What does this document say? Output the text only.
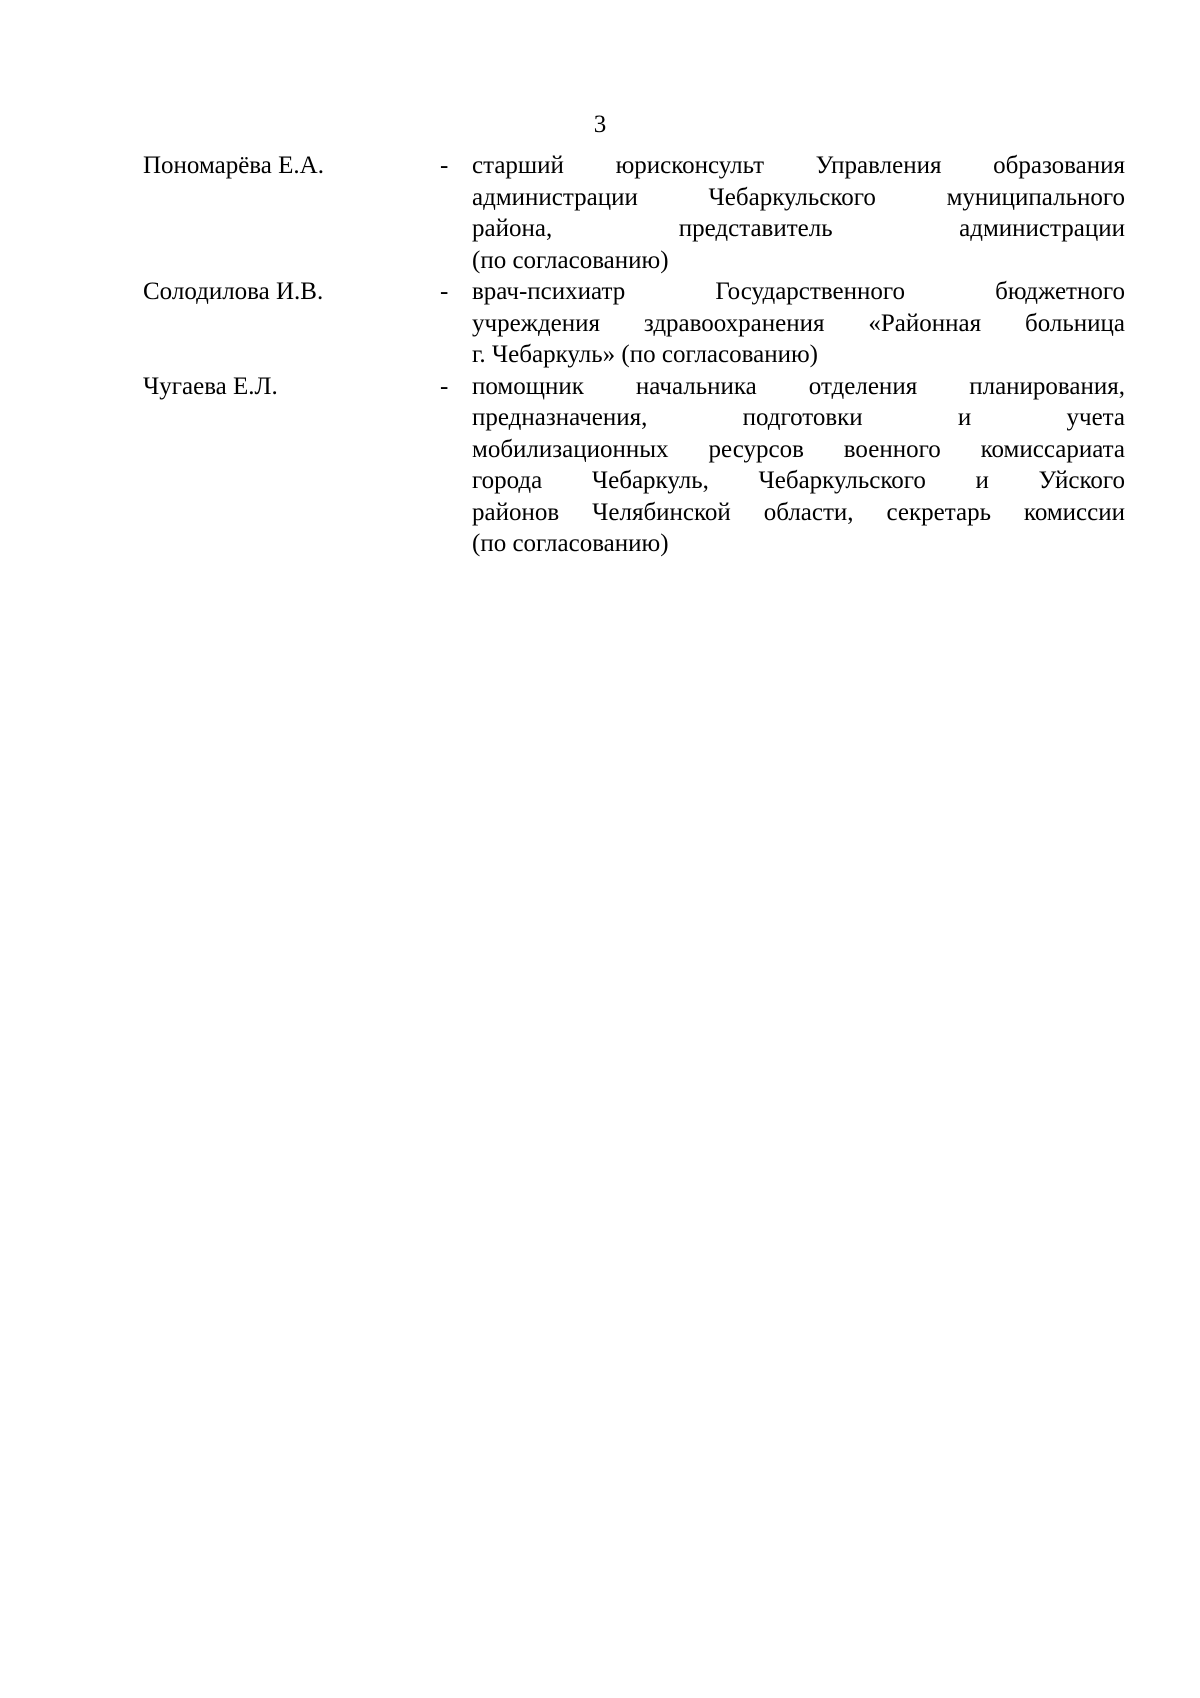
3
Пономарёва Е.А.	- старший юрисконсульт Управления образования
администрации Чебаркульского муниципального
района, представитель администрации
(по согласованию)
Солодилова И.В.	- врач-психиатр Государственного бюджетного
учреждения здравоохранения «Районная больница
г. Чебаркуль» (по согласованию)
Чугаева Е.Л.	- помощник начальника отделения планирования,
предназначения, подготовки и учета
мобилизационных ресурсов военного комиссариата
города Чебаркуль, Чебаркульского и Уйского
районов Челябинской области, секретарь комиссии
(по согласованию)
